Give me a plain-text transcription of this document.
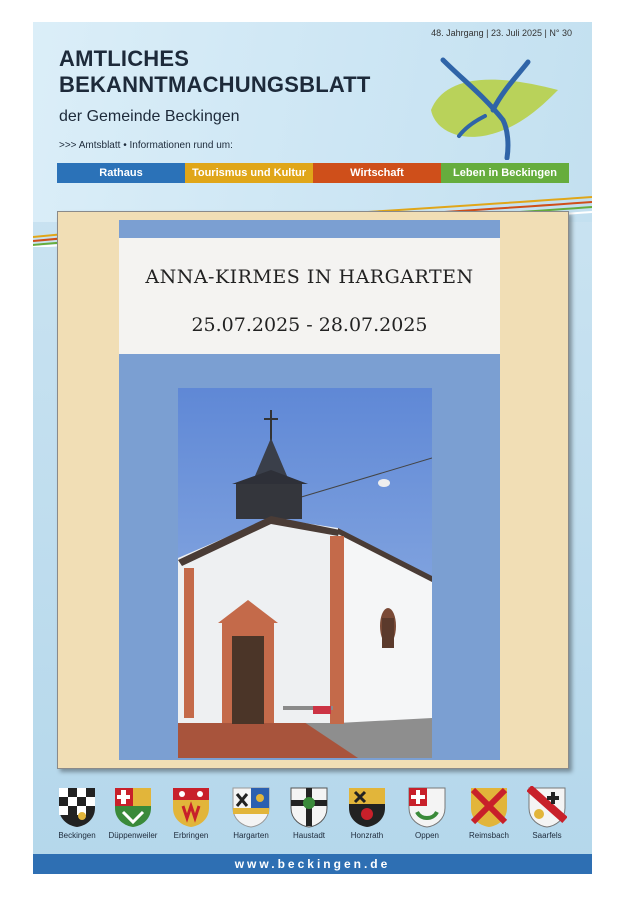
48. Jahrgang | 23. Juli 2025 | N° 30
AMTLICHES
BEKANNTMACHUNGSBLATT
der Gemeinde Beckingen
>>> Amtsblatt • Informationen rund um:
Rathaus	Tourismus und Kultur	Wirtschaft	Leben in Beckingen
ANNA-KIRMES IN HARGARTEN
25.07.2025 - 28.07.2025
Beckingen	Düppenweiler	Erbringen	Hargarten	Haustadt	Honzrath	Oppen	Reimsbach	Saarfels
www.beckingen.de
